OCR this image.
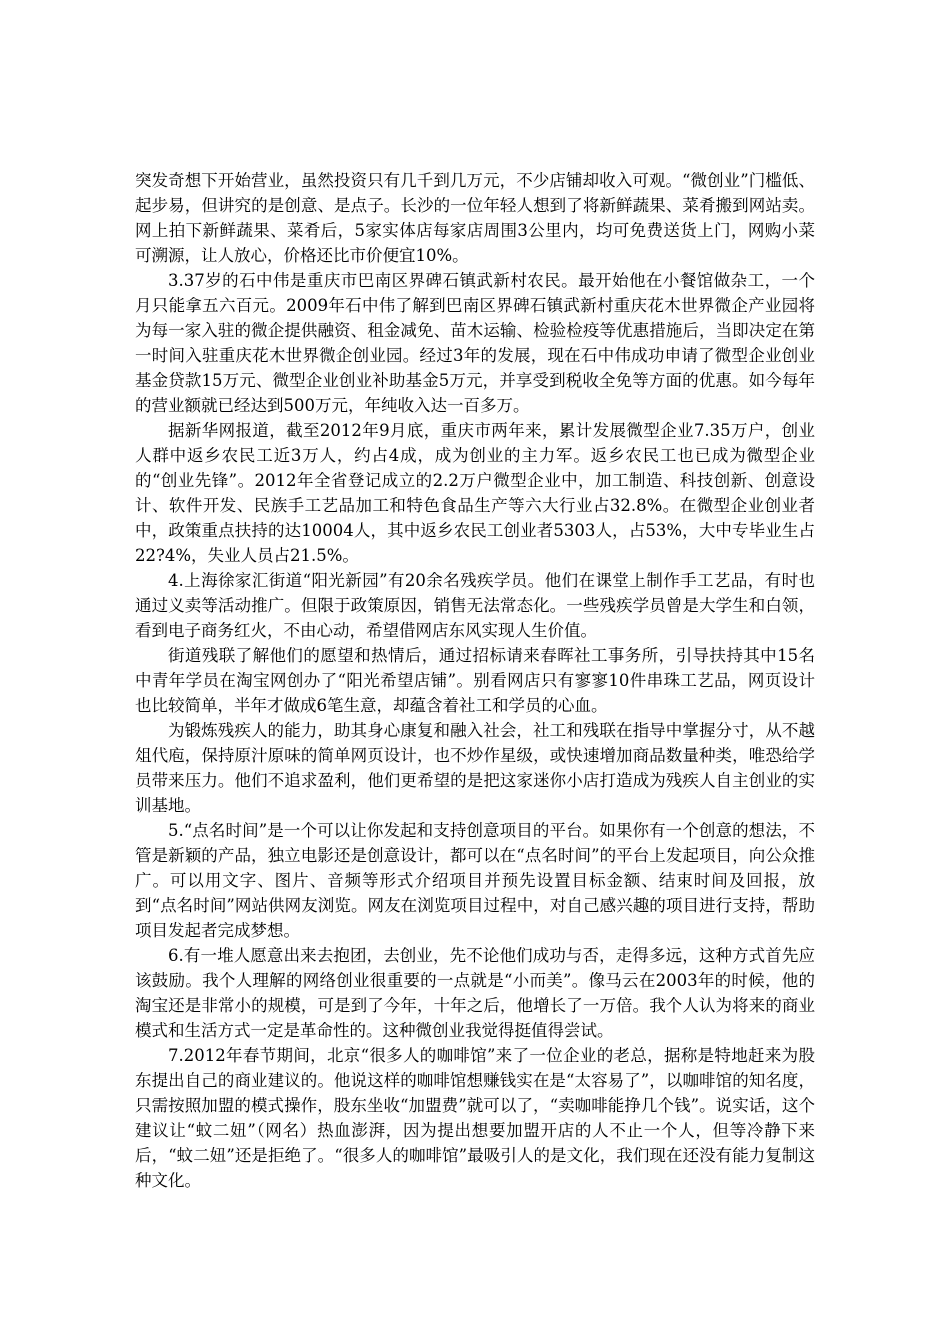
突发奇想下开始营业，虽然投资只有几千到几万元，不少店铺却收入可观。“微创业”门槛低、起步易，但讲究的是创意、是点子。长沙的一位年轻人想到了将新鲜蔬果、菜肴搬到网站卖。网上拍下新鲜蔬果、菜肴后，5家实体店每家店周围3公里内，均可免费送货上门，网购小菜可溯源，让人放心，价格还比市价便宜10%。

3.37岁的石中伟是重庆市巴南区界碑石镇武新村农民。最开始他在小餐馆做杂工，一个月只能拿五六百元。2009年石中伟了解到巴南区界碑石镇武新村重庆花木世界微企产业园将为每一家入驻的微企提供融资、租金减免、苗木运输、检验检疫等优惠措施后，当即决定在第一时间入驻重庆花木世界微企创业园。经过3年的发展，现在石中伟成功申请了微型企业创业基金贷款15万元、微型企业创业补助基金5万元，并享受到税收全免等方面的优惠。如今每年的营业额就已经达到500万元，年纯收入达一百多万。

据新华网报道，截至2012年9月底，重庆市两年来，累计发展微型企业7.35万户，创业人群中返乡农民工近3万人，约占4成，成为创业的主力军。返乡农民工也已成为微型企业的“创业先锋”。2012年全省登记成立的2.2万户微型企业中，加工制造、科技创新、创意设计、软件开发、民族手工艺品加工和特色食品生产等六大行业占32.8%。在微型企业创业者中，政策重点扶持的达10004人，其中返乡农民工创业者5303人，占53%，大中专毕业生占22?4%，失业人员占21.5%。

4.上海徐家汇街道“阳光新园”有20余名残疾学员。他们在课堂上制作手工艺品，有时也通过义卖等活动推广。但限于政策原因，销售无法常态化。一些残疾学员曾是大学生和白领，看到电子商务红火，不由心动，希望借网店东风实现人生价值。

街道残联了解他们的愿望和热情后，通过招标请来春晖社工事务所，引导扶持其中15名中青年学员在淘宝网创办了“阳光希望店铺”。别看网店只有寥寥10件串珠工艺品，网页设计也比较简单，半年才做成6笔生意，却蕴含着社工和学员的心血。

为锻炼残疾人的能力，助其身心康复和融入社会，社工和残联在指导中掌握分寸，从不越俎代庖，保持原汁原味的简单网页设计，也不炒作星级，或快速增加商品数量种类，唯恐给学员带来压力。他们不追求盈利，他们更希望的是把这家迷你小店打造成为残疾人自主创业的实训基地。

5.“点名时间”是一个可以让你发起和支持创意项目的平台。如果你有一个创意的想法，不管是新颖的产品，独立电影还是创意设计，都可以在“点名时间”的平台上发起项目，向公众推广。可以用文字、图片、音频等形式介绍项目并预先设置目标金额、结束时间及回报，放到“点名时间”网站供网友浏览。网友在浏览项目过程中，对自己感兴趣的项目进行支持，帮助项目发起者完成梦想。

6.有一堆人愿意出来去抱团，去创业，先不论他们成功与否，走得多远，这种方式首先应该鼓励。我个人理解的网络创业很重要的一点就是“小而美”。像马云在2003年的时候，他的淘宝还是非常小的规模，可是到了今年，十年之后，他增长了一万倍。我个人认为将来的商业模式和生活方式一定是革命性的。这种微创业我觉得挺值得尝试。

7.2012年春节期间，北京“很多人的咖啡馆”来了一位企业的老总，据称是特地赶来为股东提出自己的商业建议的。他说这样的咖啡馆想赚钱实在是“太容易了”，以咖啡馆的知名度，只需按照加盟的模式操作，股东坐收“加盟费”就可以了，“卖咖啡能挣几个钱”。说实话，这个建议让“蚊二妞”（网名）热血澎湃，因为提出想要加盟开店的人不止一个人，但等冷静下来后，“蚊二妞”还是拒绝了。“很多人的咖啡馆”最吸引人的是文化，我们现在还没有能力复制这种文化。
